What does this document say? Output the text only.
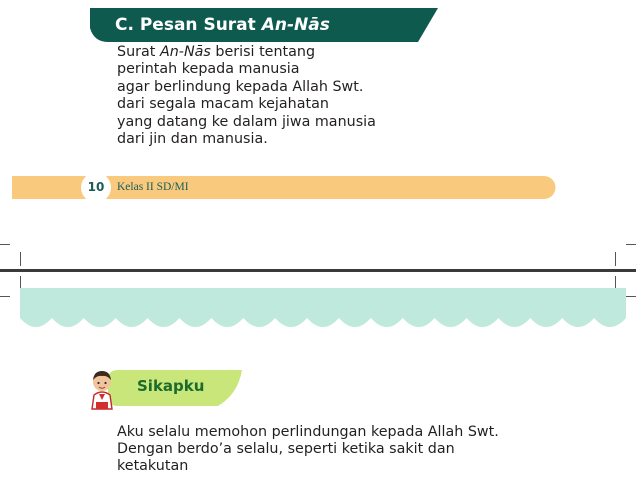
C. Pesan Surat An-Nās
Surat An-Nās berisi tentang
perintah kepada manusia
agar berlindung kepada Allah Swt.
dari segala macam kejahatan
yang datang ke dalam jiwa manusia
dari jin dan manusia.
10	Kelas II SD/MI
Sikapku
Aku selalu memohon perlindungan kepada Allah Swt.
Dengan berdo’a selalu, seperti ketika sakit dan
ketakutan
